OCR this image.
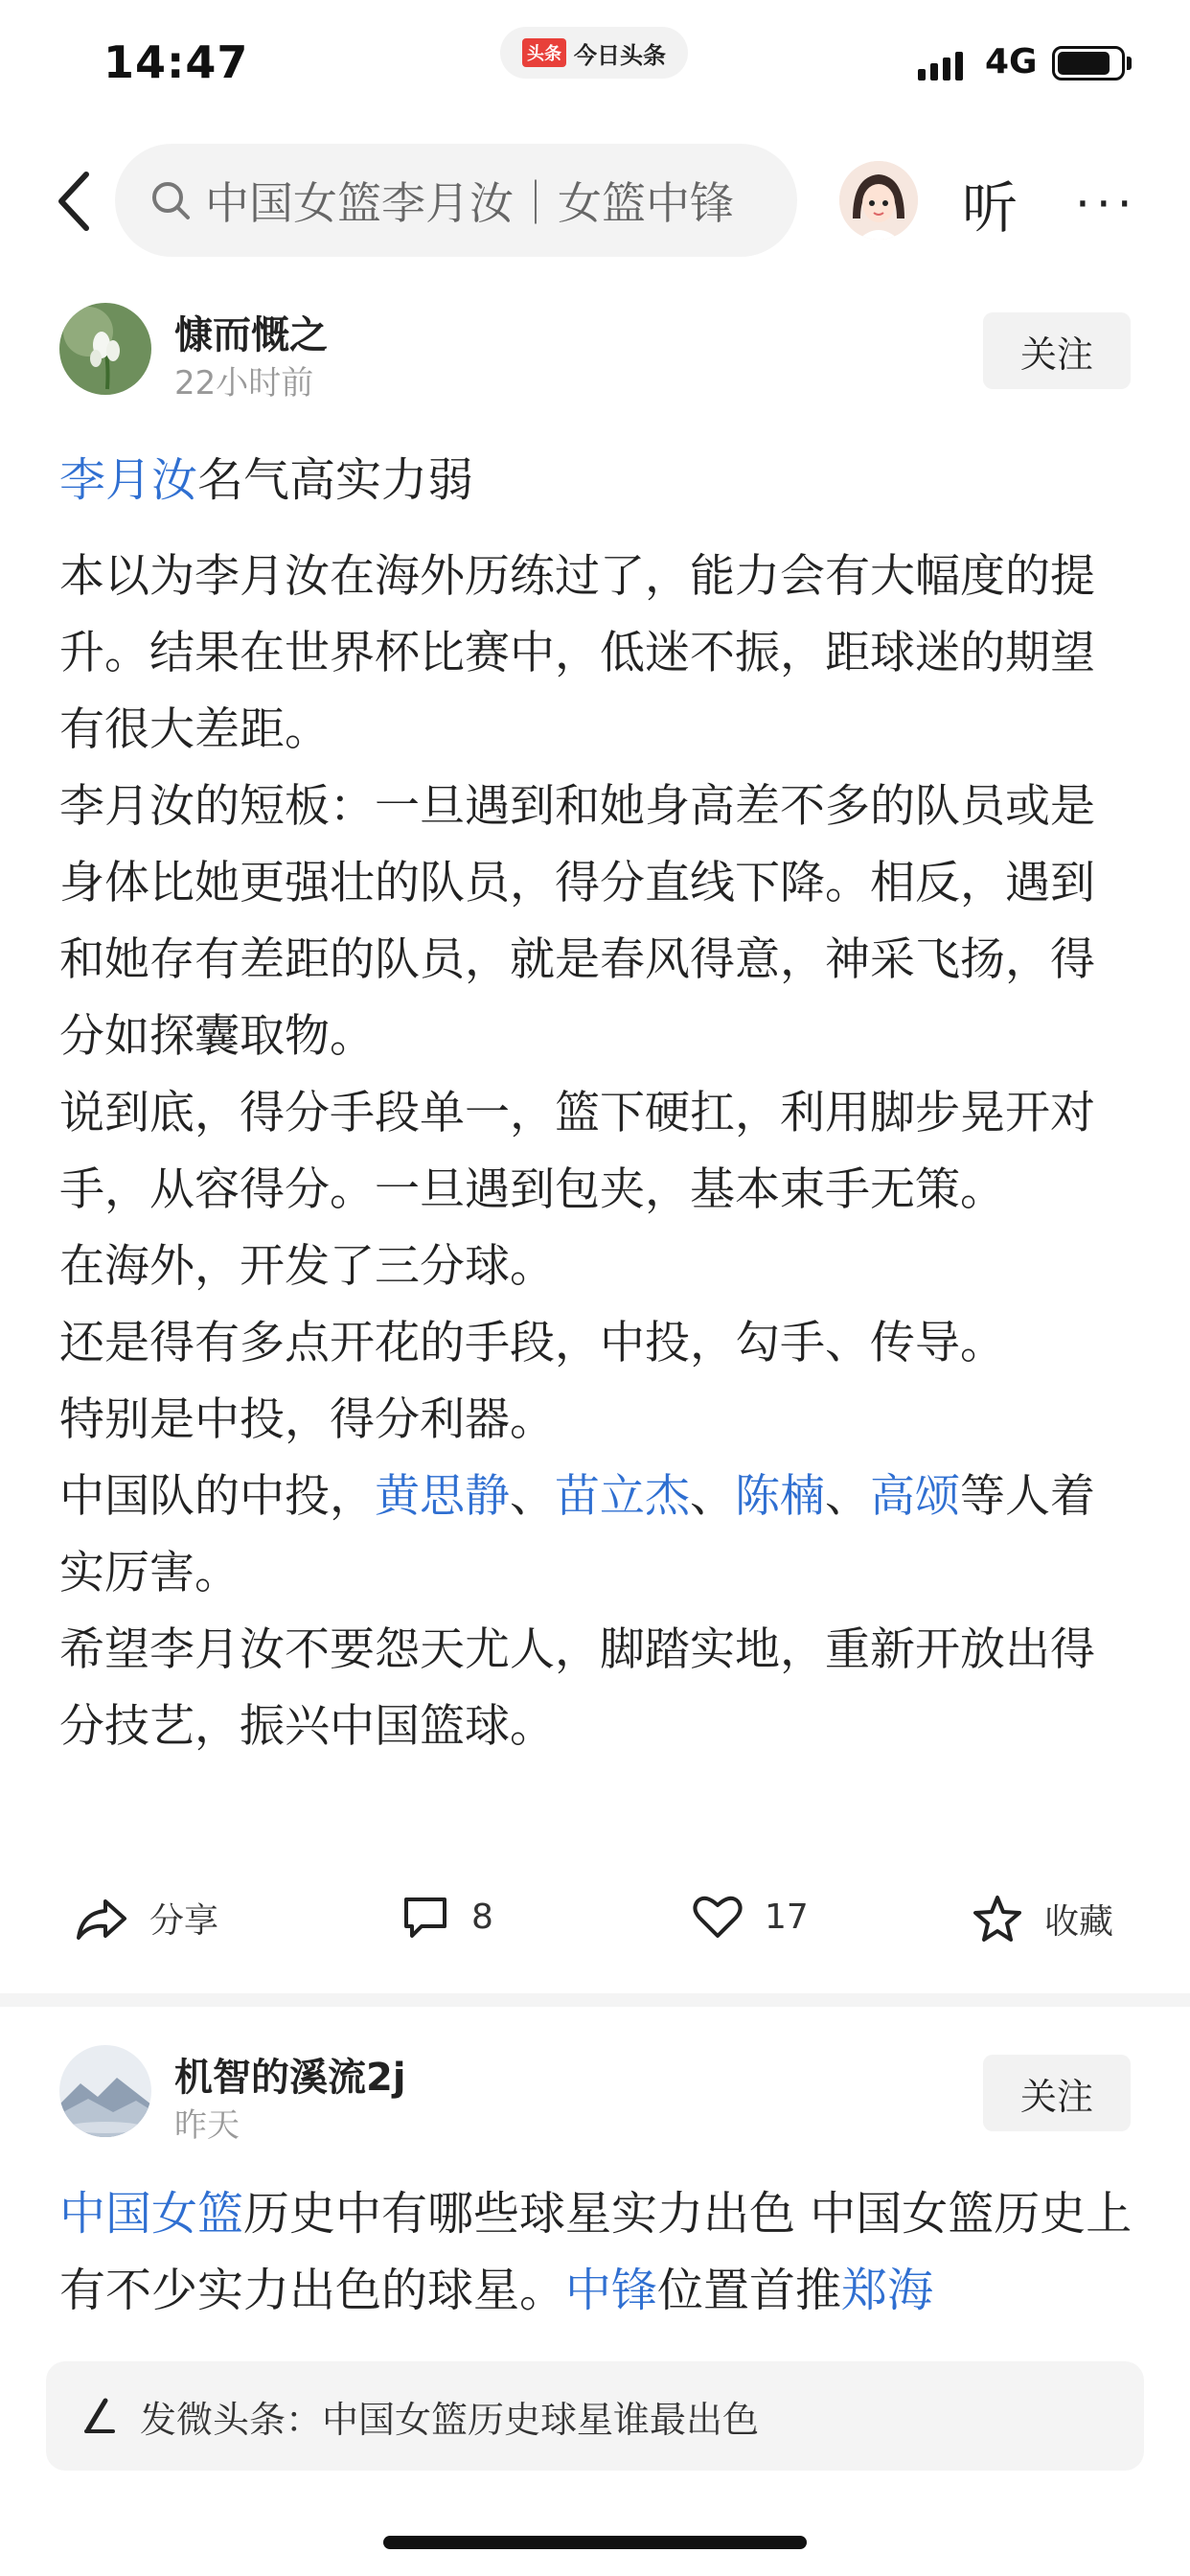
14:47	头条 今日头条	4G
中国女篮李月汝｜女篮中锋	听 ···
慷而慨之
22小时前
关注
李月汝名气高实力弱

本以为李月汝在海外历练过了，能力会有大幅度的提升。结果在世界杯比赛中，低迷不振，距球迷的期望有很大差距。

李月汝的短板：一旦遇到和她身高差不多的队员或是身体比她更强壮的队员，得分直线下降。相反，遇到和她存有差距的队员，就是春风得意，神采飞扬，得分如探囊取物。

说到底，得分手段单一，篮下硬扛，利用脚步晃开对手，从容得分。一旦遇到包夹，基本束手无策。

在海外，开发了三分球。

还是得有多点开花的手段，中投，勾手、传导。

特别是中投，得分利器。

中国队的中投，黄思静、苗立杰、陈楠、高颂等人着实厉害。

希望李月汝不要怨天尤人，脚踏实地，重新开放出得分技艺，振兴中国篮球。

分享	8	17	收藏
机智的溪流2j
昨天
关注
中国女篮历史中有哪些球星实力出色 中国女篮历史上有不少实力出色的球星。中锋位置首推郑海
发微头条：中国女篮历史球星谁最出色
